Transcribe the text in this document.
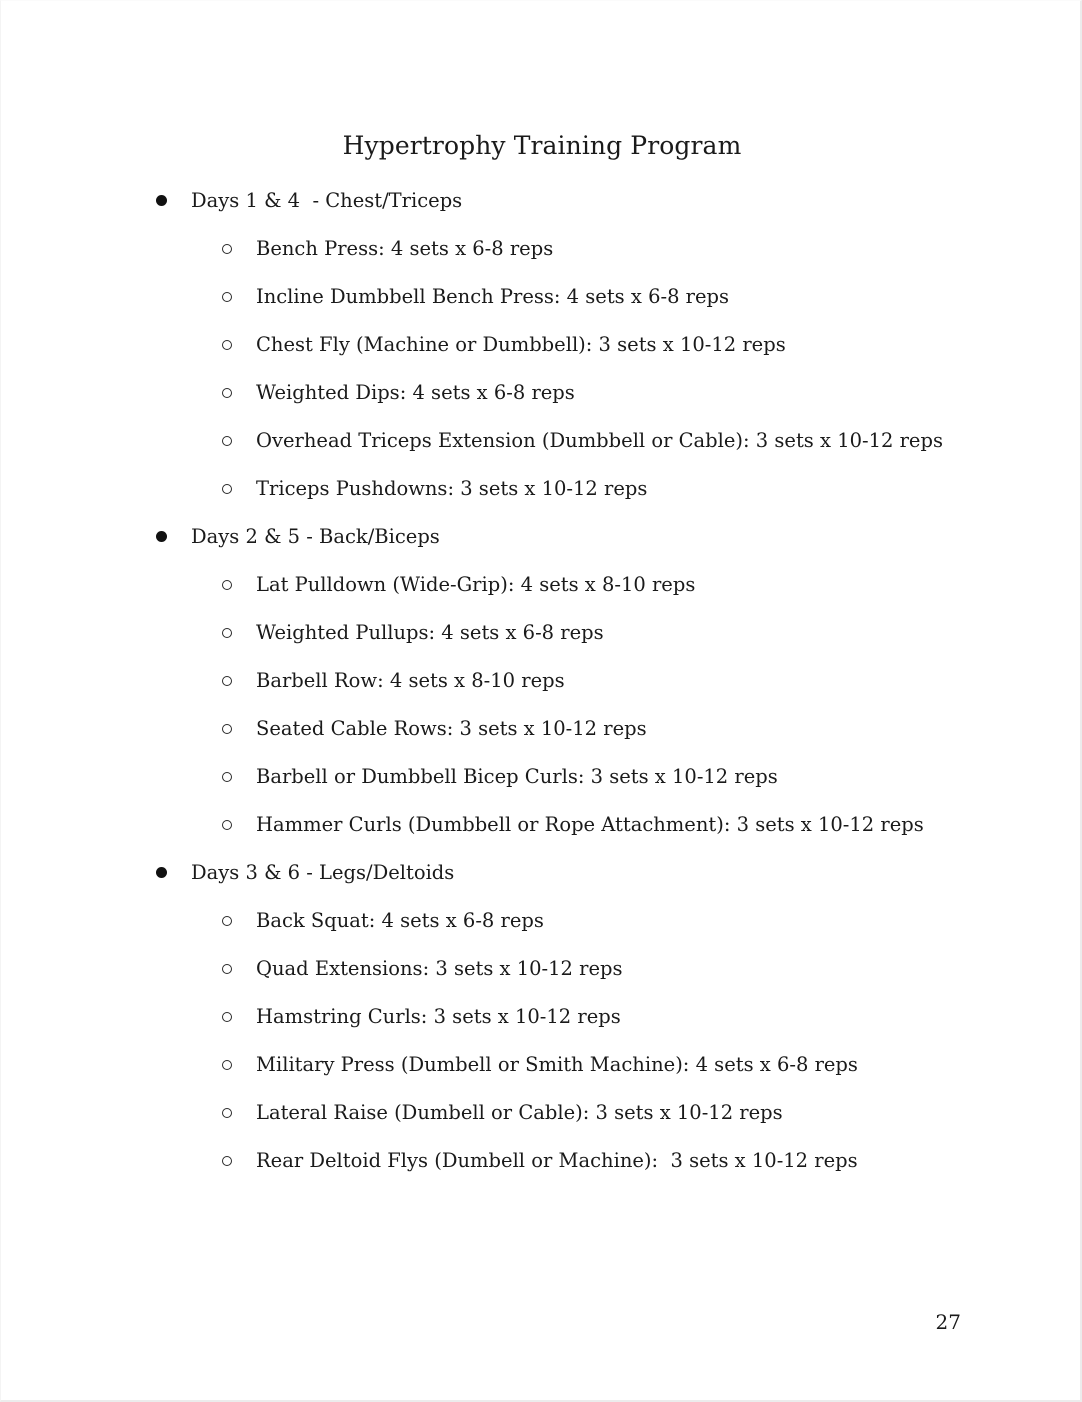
Hypertrophy Training Program
Days 1 & 4  - Chest/Triceps
Bench Press: 4 sets x 6-8 reps
Incline Dumbbell Bench Press: 4 sets x 6-8 reps
Chest Fly (Machine or Dumbbell): 3 sets x 10-12 reps
Weighted Dips: 4 sets x 6-8 reps
Overhead Triceps Extension (Dumbbell or Cable): 3 sets x 10-12 reps
Triceps Pushdowns: 3 sets x 10-12 reps
Days 2 & 5 - Back/Biceps
Lat Pulldown (Wide-Grip): 4 sets x 8-10 reps
Weighted Pullups: 4 sets x 6-8 reps
Barbell Row: 4 sets x 8-10 reps
Seated Cable Rows: 3 sets x 10-12 reps
Barbell or Dumbbell Bicep Curls: 3 sets x 10-12 reps
Hammer Curls (Dumbbell or Rope Attachment): 3 sets x 10-12 reps
Days 3 & 6 - Legs/Deltoids
Back Squat: 4 sets x 6-8 reps
Quad Extensions: 3 sets x 10-12 reps
Hamstring Curls: 3 sets x 10-12 reps
Military Press (Dumbell or Smith Machine): 4 sets x 6-8 reps
Lateral Raise (Dumbell or Cable): 3 sets x 10-12 reps
Rear Deltoid Flys (Dumbell or Machine):  3 sets x 10-12 reps
27
